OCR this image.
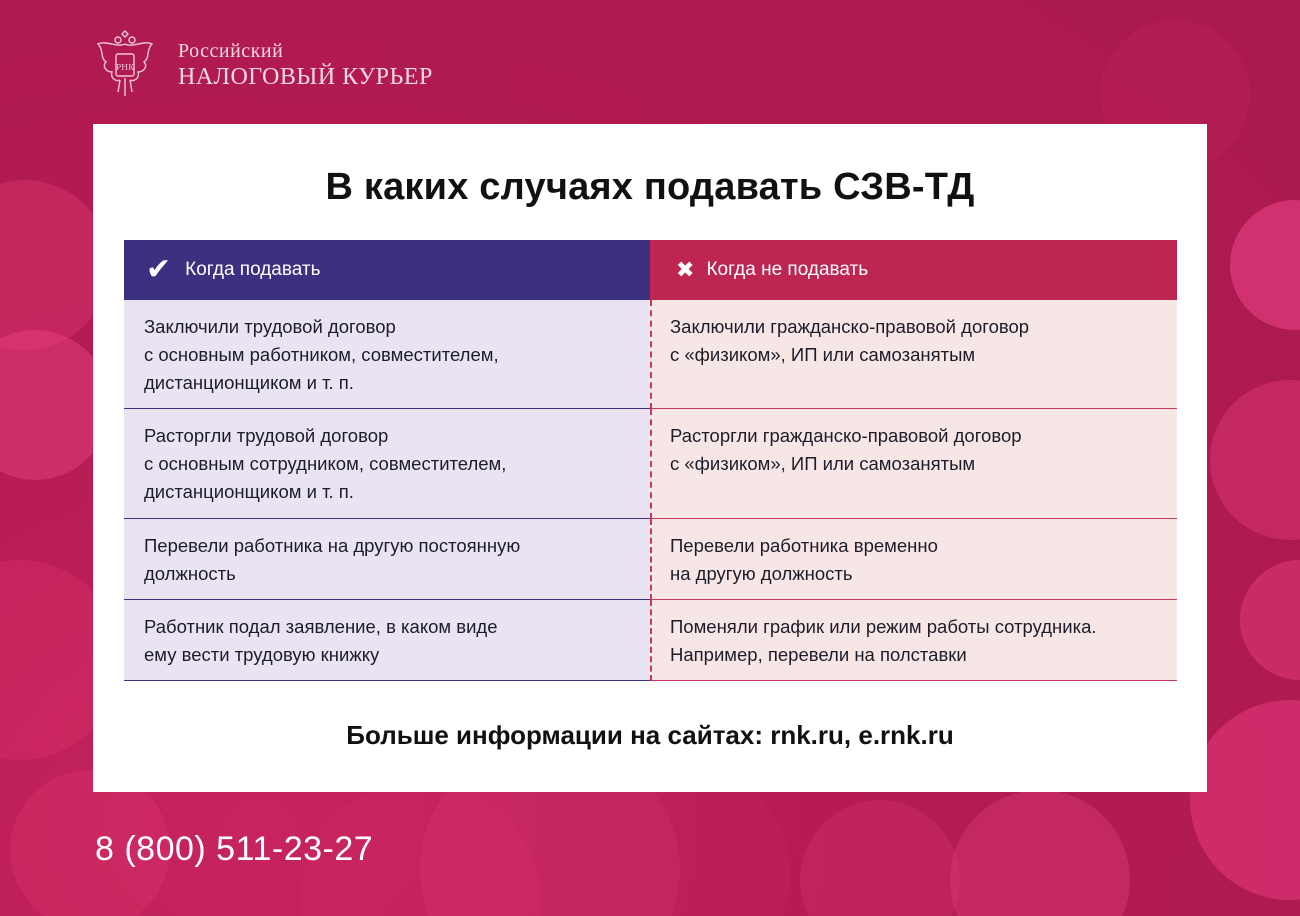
РНК
Российский
НАЛОГОВЫЙ КУРЬЕР
В каких случаях подавать СЗВ-ТД
✔ Когда подавать	✖ Когда не подавать
Заключили трудовой договор
с основным работником, совместителем,
дистанционщиком и т. п.
Заключили гражданско-правовой договор
с «физиком», ИП или самозанятым
Расторгли трудовой договор
с основным сотрудником, совместителем,
дистанционщиком и т. п.
Расторгли гражданско-правовой договор
с «физиком», ИП или самозанятым
Перевели работника на другую постоянную
должность
Перевели работника временно
на другую должность
Работник подал заявление, в каком виде
ему вести трудовую книжку
Поменяли график или режим работы сотрудника.
Например, перевели на полставки
Больше информации на сайтах: rnk.ru, e.rnk.ru
8 (800) 511-23-27
